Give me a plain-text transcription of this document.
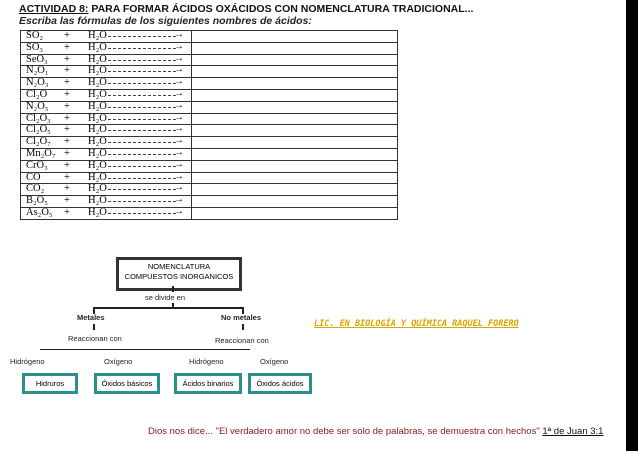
ACTIVIDAD 8: PARA FORMAR ÁCIDOS OXÁCIDOS CON NOMENCLATURA TRADICIONAL...
Escriba las fórmulas de los siguientes nombres de ácidos:
SO₂ + H₂O →	

SO₃ + H₂O →	

SeO₃ + H₂O →	

N₂O₁ + H₂O →	

N₂O₃ + H₂O →	

Cl₂O + H₂O →	

N₂O₅ + H₂O →	

Cl₂O₃ + H₂O →	

Cl₂O₅ + H₂O →	

Cl₂O₇ + H₂O →	

Mn₂O₇ + H₂O →	

CrO₃ + H₂O →	

CO + H₂O →	

CO₂ + H₂O →	

B₂O₅ + H₂O →	

As₂O₅ + H₂O →	

NOMENCLATURA
COMPUESTOS INORGANICOS
se divide en
Metales	No metales
Reaccionan con	Reaccionan con
Hidrógeno	Oxígeno	Hidrógeno	Oxígeno
Hidruros	Óxidos básicos	Ácidos binarios	Óxidos ácidos
LIC. EN BIOLOGÍA Y QUÍMICA RAQUEL FORERO
Dios nos dice... "El verdadero amor no debe ser solo de palabras, se demuestra con hechos" 1ª de Juan 3:1
